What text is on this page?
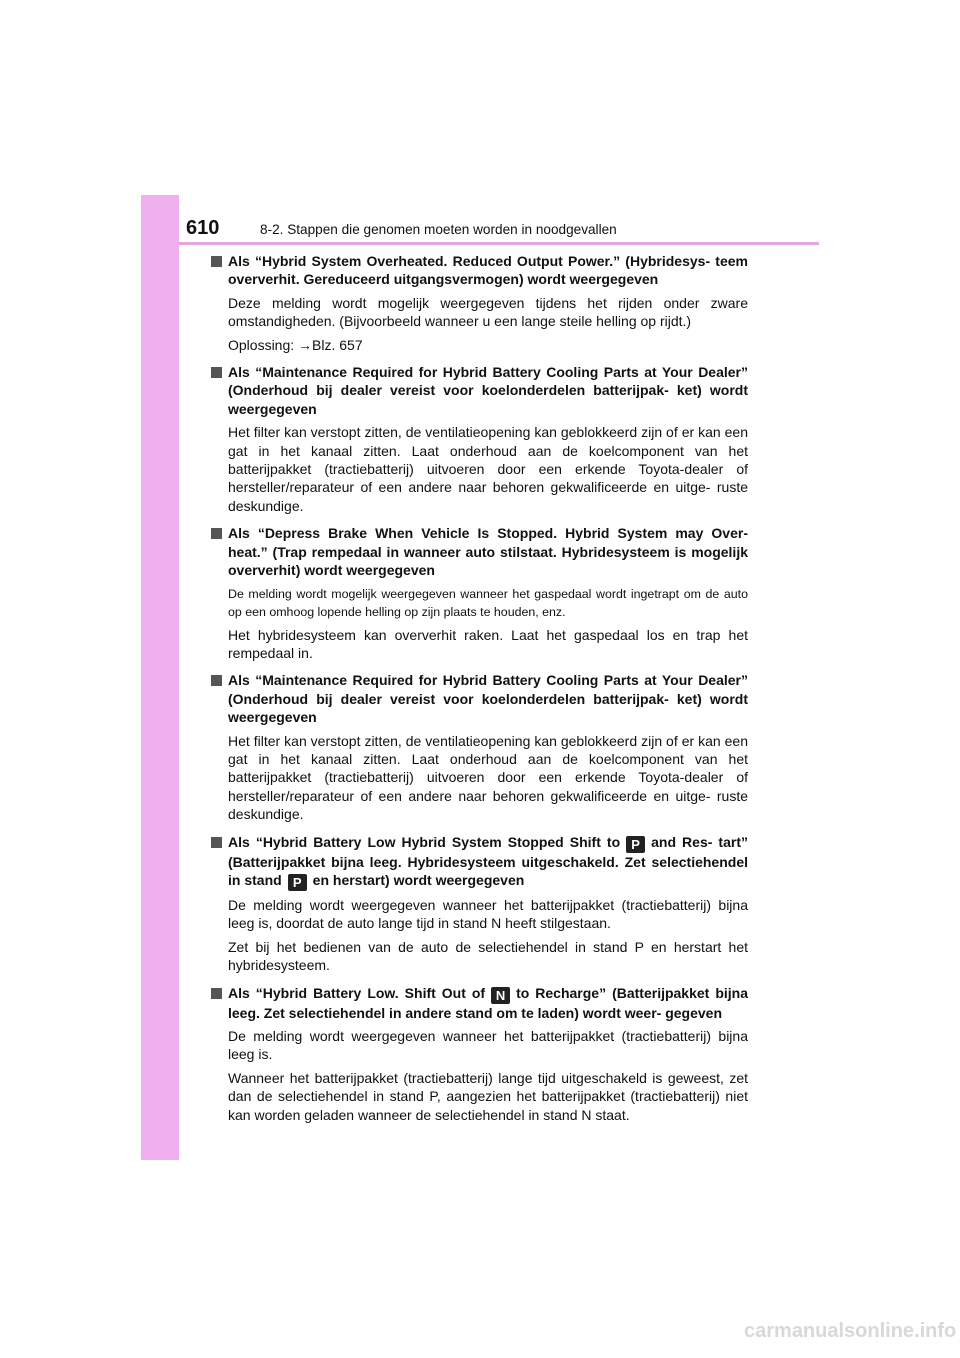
610	8-2. Stappen die genomen moeten worden in noodgevallen
Als “Hybrid System Overheated. Reduced Output Power.” (Hybridesys- teem oververhit. Gereduceerd uitgangsvermogen) wordt weergegeven
Deze melding wordt mogelijk weergegeven tijdens het rijden onder zware omstandigheden. (Bijvoorbeeld wanneer u een lange steile helling op rijdt.)
Oplossing: →Blz. 657
Als “Maintenance Required for Hybrid Battery Cooling Parts at Your Dealer” (Onderhoud bij dealer vereist voor koelonderdelen batterijpak- ket) wordt weergegeven
Het filter kan verstopt zitten, de ventilatieopening kan geblokkeerd zijn of er kan een gat in het kanaal zitten. Laat onderhoud aan de koelcomponent van het batterijpakket (tractiebatterij) uitvoeren door een erkende Toyota-dealer of hersteller/reparateur of een andere naar behoren gekwalificeerde en uitge- ruste deskundige.
Als “Depress Brake When Vehicle Is Stopped. Hybrid System may Over- heat.” (Trap rempedaal in wanneer auto stilstaat. Hybridesysteem is mogelijk oververhit) wordt weergegeven
De melding wordt mogelijk weergegeven wanneer het gaspedaal wordt ingetrapt om de auto op een omhoog lopende helling op zijn plaats te houden, enz.
Het hybridesysteem kan oververhit raken. Laat het gaspedaal los en trap het rempedaal in.
Als “Maintenance Required for Hybrid Battery Cooling Parts at Your Dealer” (Onderhoud bij dealer vereist voor koelonderdelen batterijpak- ket) wordt weergegeven
Het filter kan verstopt zitten, de ventilatieopening kan geblokkeerd zijn of er kan een gat in het kanaal zitten. Laat onderhoud aan de koelcomponent van het batterijpakket (tractiebatterij) uitvoeren door een erkende Toyota-dealer of hersteller/reparateur of een andere naar behoren gekwalificeerde en uitge- ruste deskundige.
Als “Hybrid Battery Low Hybrid System Stopped Shift to P and Res- tart” (Batterijpakket bijna leeg. Hybridesysteem uitgeschakeld. Zet selectiehendel in stand P en herstart) wordt weergegeven
De melding wordt weergegeven wanneer het batterijpakket (tractiebatterij) bijna leeg is, doordat de auto lange tijd in stand N heeft stilgestaan.
Zet bij het bedienen van de auto de selectiehendel in stand P en herstart het hybridesysteem.
Als “Hybrid Battery Low. Shift Out of N to Recharge” (Batterijpakket bijna leeg. Zet selectiehendel in andere stand om te laden) wordt weer- gegeven
De melding wordt weergegeven wanneer het batterijpakket (tractiebatterij) bijna leeg is.
Wanneer het batterijpakket (tractiebatterij) lange tijd uitgeschakeld is geweest, zet dan de selectiehendel in stand P, aangezien het batterijpakket (tractiebatterij) niet kan worden geladen wanneer de selectiehendel in stand N staat.
carmanualsonline.info
